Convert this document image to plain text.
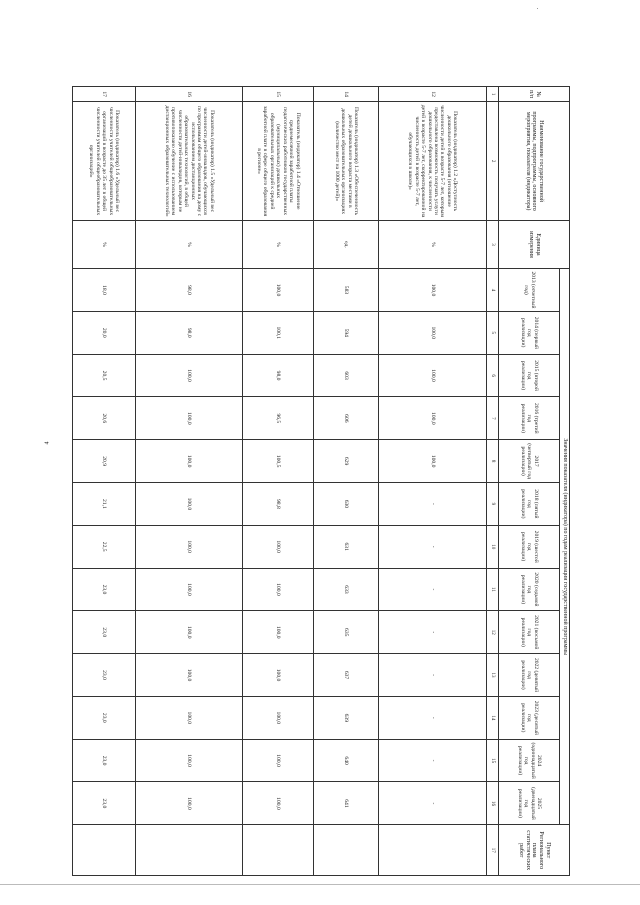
4
№ п/п	Наименование государственной программы, подпрограммы, основного мероприятия, показателя (индикатора)	Единица измерения	Значения показателя (индикатора) по годам реализации государственной программы													Пункт Регионального плана статистических работ
			2013 (отчетный год)	2014 (первый год реализации)	2015 (второй год реализации)	2016 (третий год реализации)	2017 (четвертый год реализации)	2018 (пятый год реализации)	2019 (шестой год реализации)	2020 (седьмой год реализации)	2021 (восьмой год реализации)	2022 (девятый год реализации)	2023 (десятый год реализации)	2024 (одиннадцатый год реализации)	2025 (двенадцатый год реализации)	
1	2	3	4	5	6	7	8	9	10	11	12	13	14	15	16	17
12	Показатель (индикатор) 1.2 «Доступность дошкольного образования (отношение численности детей в возрасте 5-7 лет, которым предоставлена возможность получать услуги дошкольного образования, к численности детей в возрасте 5-7 лет, скорректированной на численность детей в возрасте 5-7 лет, обучающихся в школе)»	%	100,0	100,0	100,0	100,0	100,0	-	-	-	-	-	-	-	-	
14	Показатель (индикатор) 1.3 «Обеспеченность детей дошкольного возраста местами в дошкольных образовательных организациях (количество мест на 1000 детей)»	ед.	583	594	603	606	629	630	631	633	635	637	639	640	641	
15	Показатель (индикатор) 1.4 «Отношение среднемесячной заработной платы педагогических работников государственных (муниципальных) дошкольных образовательных организаций к средней заработной плате в сфере общего образования в регионе»	%	100,0	100,1	98,0	96,5	100,5	98,8	100,0	100,0	100,0	100,0	100,0	100,0	100,0	
16	Показатель (индикатор) 1.5 «Удельный вес численности детей-инвалидов, обучающихся по программам общего образования на дому с использованием дистанционных образовательных технологий, в общей численности детей-инвалидов, которым не противопоказано обучение с использованием дистанционных образовательных технологий»	%	98,0	98,0	100,0	100,0	100,0	100,0	100,0	100,0	100,0	100,0	100,0	100,0	100,0	
17	Показатель (индикатор) 1.6 «Удельный вес численности учителей общеобразовательных организаций в возрасте до 35 лет в общей численности учителей общеобразовательных организаций»	%	18,0	20,0	20,5	20,6	20,9	21,1	22,5	23,0	23,0	23,0	23,0	23,0	23,0	
